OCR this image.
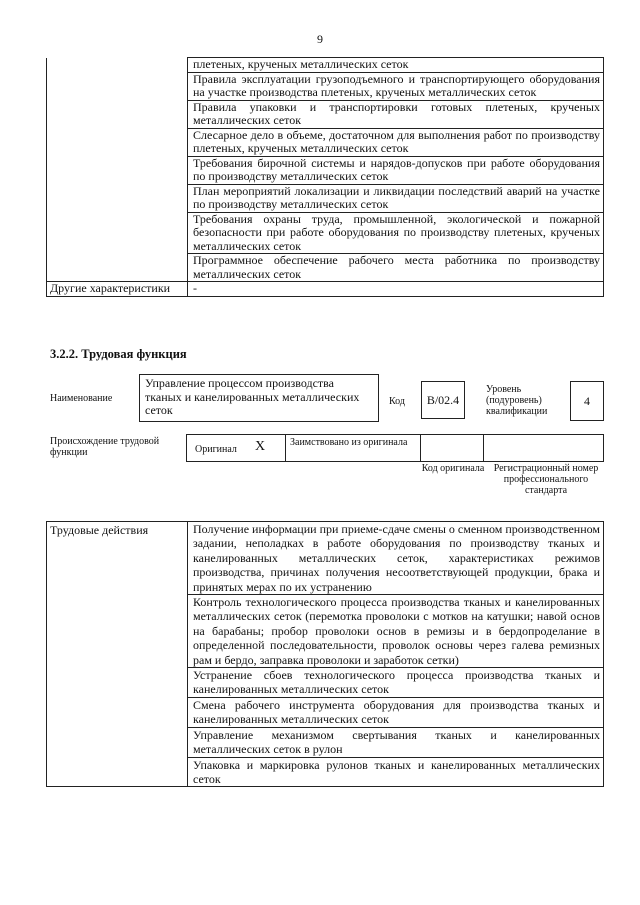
9
	плетеных, крученых металлических сеток
	Правила эксплуатации грузоподъемного и транспортирующего оборудования на участке производства плетеных, крученых металлических сеток
	Правила упаковки и транспортировки готовых плетеных, крученых металлических сеток
	Слесарное дело в объеме, достаточном для выполнения работ по производству плетеных, крученых металлических сеток
	Требования бирочной системы и нарядов-допусков при работе оборудования по производству металлических сеток
	План мероприятий локализации и ликвидации последствий аварий на участке по производству металлических сеток
	Требования охраны труда, промышленной, экологической и пожарной безопасности при работе оборудования по производству плетеных, крученых металлических сеток
	Программное обеспечение рабочего места работника по производству металлических сеток
Другие характеристики	-
3.2.2. Трудовая функция
Наименование
Управление процессом производства тканых и канелированных металлических сеток
Код	B/02.4
Уровень (подуровень) квалификации
4
Происхождение трудовой функции	Оригинал X Заимствовано из оригинала
Код оригинала Регистрационный номер профессионального стандарта
Трудовые действия	Получение информации при приеме-сдаче смены о сменном производственном задании, неполадках в работе оборудования по производству тканых и канелированных металлических сеток, характеристиках режимов производства, причинах получения несоответствующей продукции, брака и принятых мерах по их устранению
Контроль технологического процесса производства тканых и канелированных металлических сеток (перемотка проволоки с мотков на катушки; навой основ на барабаны; пробор проволоки основ в ремизы и в бердопроделание в определенной последовательности, проволок основы через галева ремизных рам и бердо, заправка проволоки и заработок сетки)
Устранение сбоев технологического процесса производства тканых и канелированных металлических сеток
Смена рабочего инструмента оборудования для производства тканых и канелированных металлических сеток
Управление механизмом свертывания тканых и канелированных металлических сеток в рулон
Упаковка и маркировка рулонов тканых и канелированных металлических сеток
